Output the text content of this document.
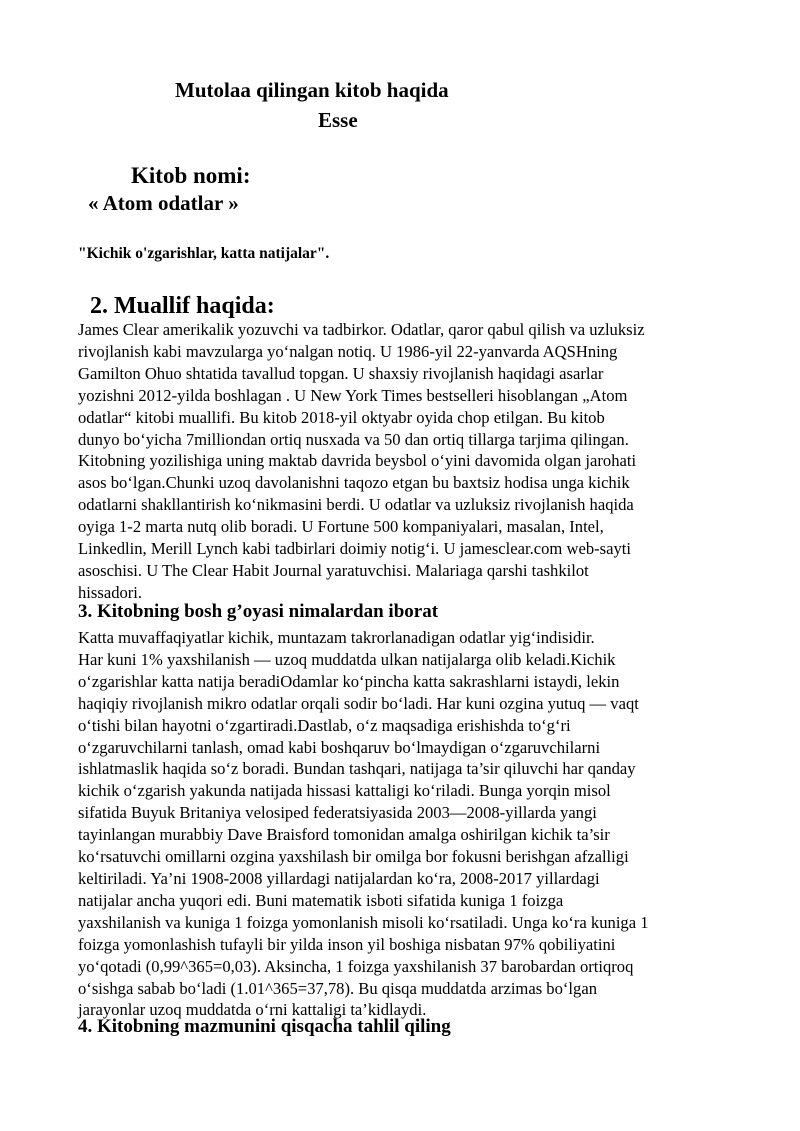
Mutolaa qilingan kitob haqida
Esse
Kitob nomi:
« Atom odatlar »
"Kichik o'zgarishlar, katta natijalar".
2. Muallif haqida:
James Clear amerikalik yozuvchi va tadbirkor. Odatlar, qaror qabul qilish va uzluksiz
rivojlanish kabi mavzularga yo‘nalgan notiq. U 1986-yil 22-yanvarda AQSHning
Gamilton Ohuo shtatida tavallud topgan. U shaxsiy rivojlanish haqidagi asarlar
yozishni 2012-yilda boshlagan . U New York Times bestselleri hisoblangan „Atom
odatlar“ kitobi muallifi. Bu kitob 2018-yil oktyabr oyida chop etilgan. Bu kitob
dunyo bo‘yicha 7milliondan ortiq nusxada va 50 dan ortiq tillarga tarjima qilingan.
Kitobning yozilishiga uning maktab davrida beysbol o‘yini davomida olgan jarohati
asos bo‘lgan.Chunki uzoq davolanishni taqozo etgan bu baxtsiz hodisa unga kichik
odatlarni shakllantirish ko‘nikmasini berdi. U odatlar va uzluksiz rivojlanish haqida
oyiga 1-2 marta nutq olib boradi. U Fortune 500 kompaniyalari, masalan, Intel,
Linkedlin, Merill Lynch kabi tadbirlari doimiy notig‘i. U jamesclear.com web-sayti
asoschisi. U The Clear Habit Journal yaratuvchisi. Malariaga qarshi tashkilot
hissadori.
3. Kitobning bosh g’oyasi nimalardan iborat
Katta muvaffaqiyatlar kichik, muntazam takrorlanadigan odatlar yig‘indisidir.
Har kuni 1% yaxshilanish — uzoq muddatda ulkan natijalarga olib keladi.Kichik
o‘zgarishlar katta natija beradiOdamlar ko‘pincha katta sakrashlarni istaydi, lekin
haqiqiy rivojlanish mikro odatlar orqali sodir bo‘ladi. Har kuni ozgina yutuq — vaqt
o‘tishi bilan hayotni o‘zgartiradi.Dastlab, o‘z maqsadiga erishishda to‘g‘ri
o‘zgaruvchilarni tanlash, omad kabi boshqaruv bo‘lmaydigan o‘zgaruvchilarni
ishlatmaslik haqida so‘z boradi. Bundan tashqari, natijaga ta’sir qiluvchi har qanday
kichik o‘zgarish yakunda natijada hissasi kattaligi ko‘riladi. Bunga yorqin misol
sifatida Buyuk Britaniya velosiped federatsiyasida 2003—2008-yillarda yangi
tayinlangan murabbiy Dave Braisford tomonidan amalga oshirilgan kichik ta’sir
ko‘rsatuvchi omillarni ozgina yaxshilash bir omilga bor fokusni berishgan afzalligi
keltiriladi. Ya’ni 1908-2008 yillardagi natijalardan ko‘ra, 2008-2017 yillardagi
natijalar ancha yuqori edi. Buni matematik isboti sifatida kuniga 1 foizga
yaxshilanish va kuniga 1 foizga yomonlanish misoli ko‘rsatiladi. Unga ko‘ra kuniga 1
foizga yomonlashish tufayli bir yilda inson yil boshiga nisbatan 97% qobiliyatini
yo‘qotadi (0,99^365=0,03). Aksincha, 1 foizga yaxshilanish 37 barobardan ortiqroq
o‘sishga sabab bo‘ladi (1.01^365=37,78). Bu qisqa muddatda arzimas bo‘lgan
jarayonlar uzoq muddatda o‘rni kattaligi ta’kidlaydi.
4. Kitobning mazmunini qisqacha tahlil qiling
